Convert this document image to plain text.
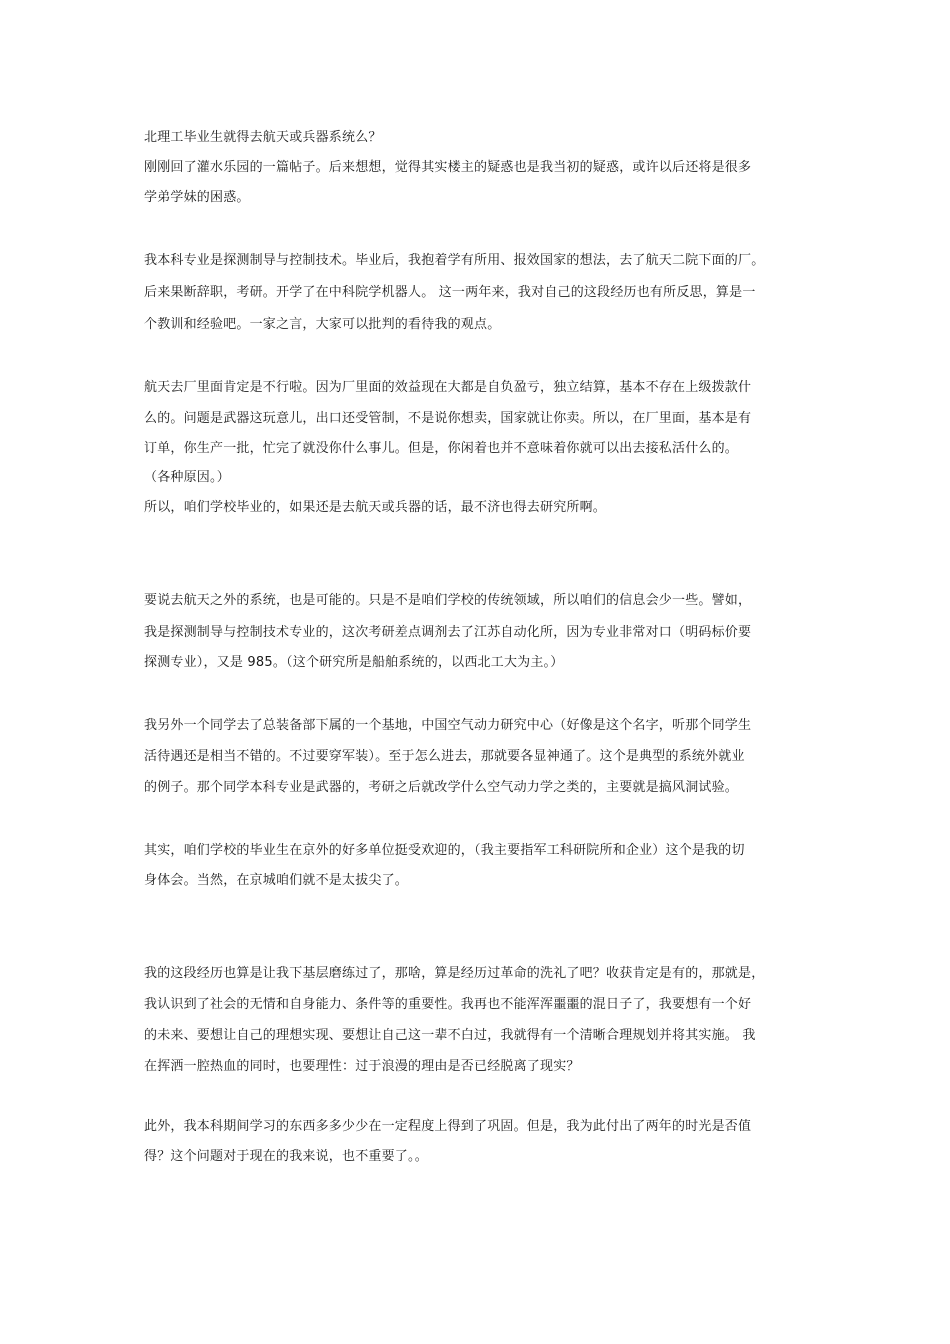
北理工毕业生就得去航天或兵器系统么？
刚刚回了灌水乐园的一篇帖子。后来想想，觉得其实楼主的疑惑也是我当初的疑惑，或许以后还将是很多
学弟学妹的困惑。
我本科专业是探测制导与控制技术。毕业后，我抱着学有所用、报效国家的想法，去了航天二院下面的厂。
后来果断辞职，考研。开学了在中科院学机器人。 这一两年来，我对自己的这段经历也有所反思，算是一
个教训和经验吧。一家之言，大家可以批判的看待我的观点。
航天去厂里面肯定是不行啦。因为厂里面的效益现在大都是自负盈亏，独立结算，基本不存在上级拨款什
么的。问题是武器这玩意儿，出口还受管制，不是说你想卖，国家就让你卖。所以，在厂里面，基本是有
订单，你生产一批，忙完了就没你什么事儿。但是，你闲着也并不意味着你就可以出去接私活什么的。
（各种原因。）
所以，咱们学校毕业的，如果还是去航天或兵器的话，最不济也得去研究所啊。
要说去航天之外的系统，也是可能的。只是不是咱们学校的传统领域，所以咱们的信息会少一些。譬如，
我是探测制导与控制技术专业的，这次考研差点调剂去了江苏自动化所，因为专业非常对口（明码标价要
探测专业），又是 985。（这个研究所是船舶系统的，以西北工大为主。）
我另外一个同学去了总装备部下属的一个基地，中国空气动力研究中心（好像是这个名字，听那个同学生
活待遇还是相当不错的。不过要穿军装）。至于怎么进去，那就要各显神通了。这个是典型的系统外就业
的例子。那个同学本科专业是武器的，考研之后就改学什么空气动力学之类的，主要就是搞风洞试验。
其实，咱们学校的毕业生在京外的好多单位挺受欢迎的，（我主要指军工科研院所和企业）这个是我的切
身体会。当然，在京城咱们就不是太拔尖了。
我的这段经历也算是让我下基层磨练过了，那啥，算是经历过革命的洗礼了吧？收获肯定是有的，那就是，
我认识到了社会的无情和自身能力、条件等的重要性。我再也不能浑浑噩噩的混日子了，我要想有一个好
的未来、要想让自己的理想实现、要想让自己这一辈不白过，我就得有一个清晰合理规划并将其实施。 我
在挥洒一腔热血的同时，也要理性：过于浪漫的理由是否已经脱离了现实？
此外，我本科期间学习的东西多多少少在一定程度上得到了巩固。但是，我为此付出了两年的时光是否值
得？这个问题对于现在的我来说，也不重要了。。
